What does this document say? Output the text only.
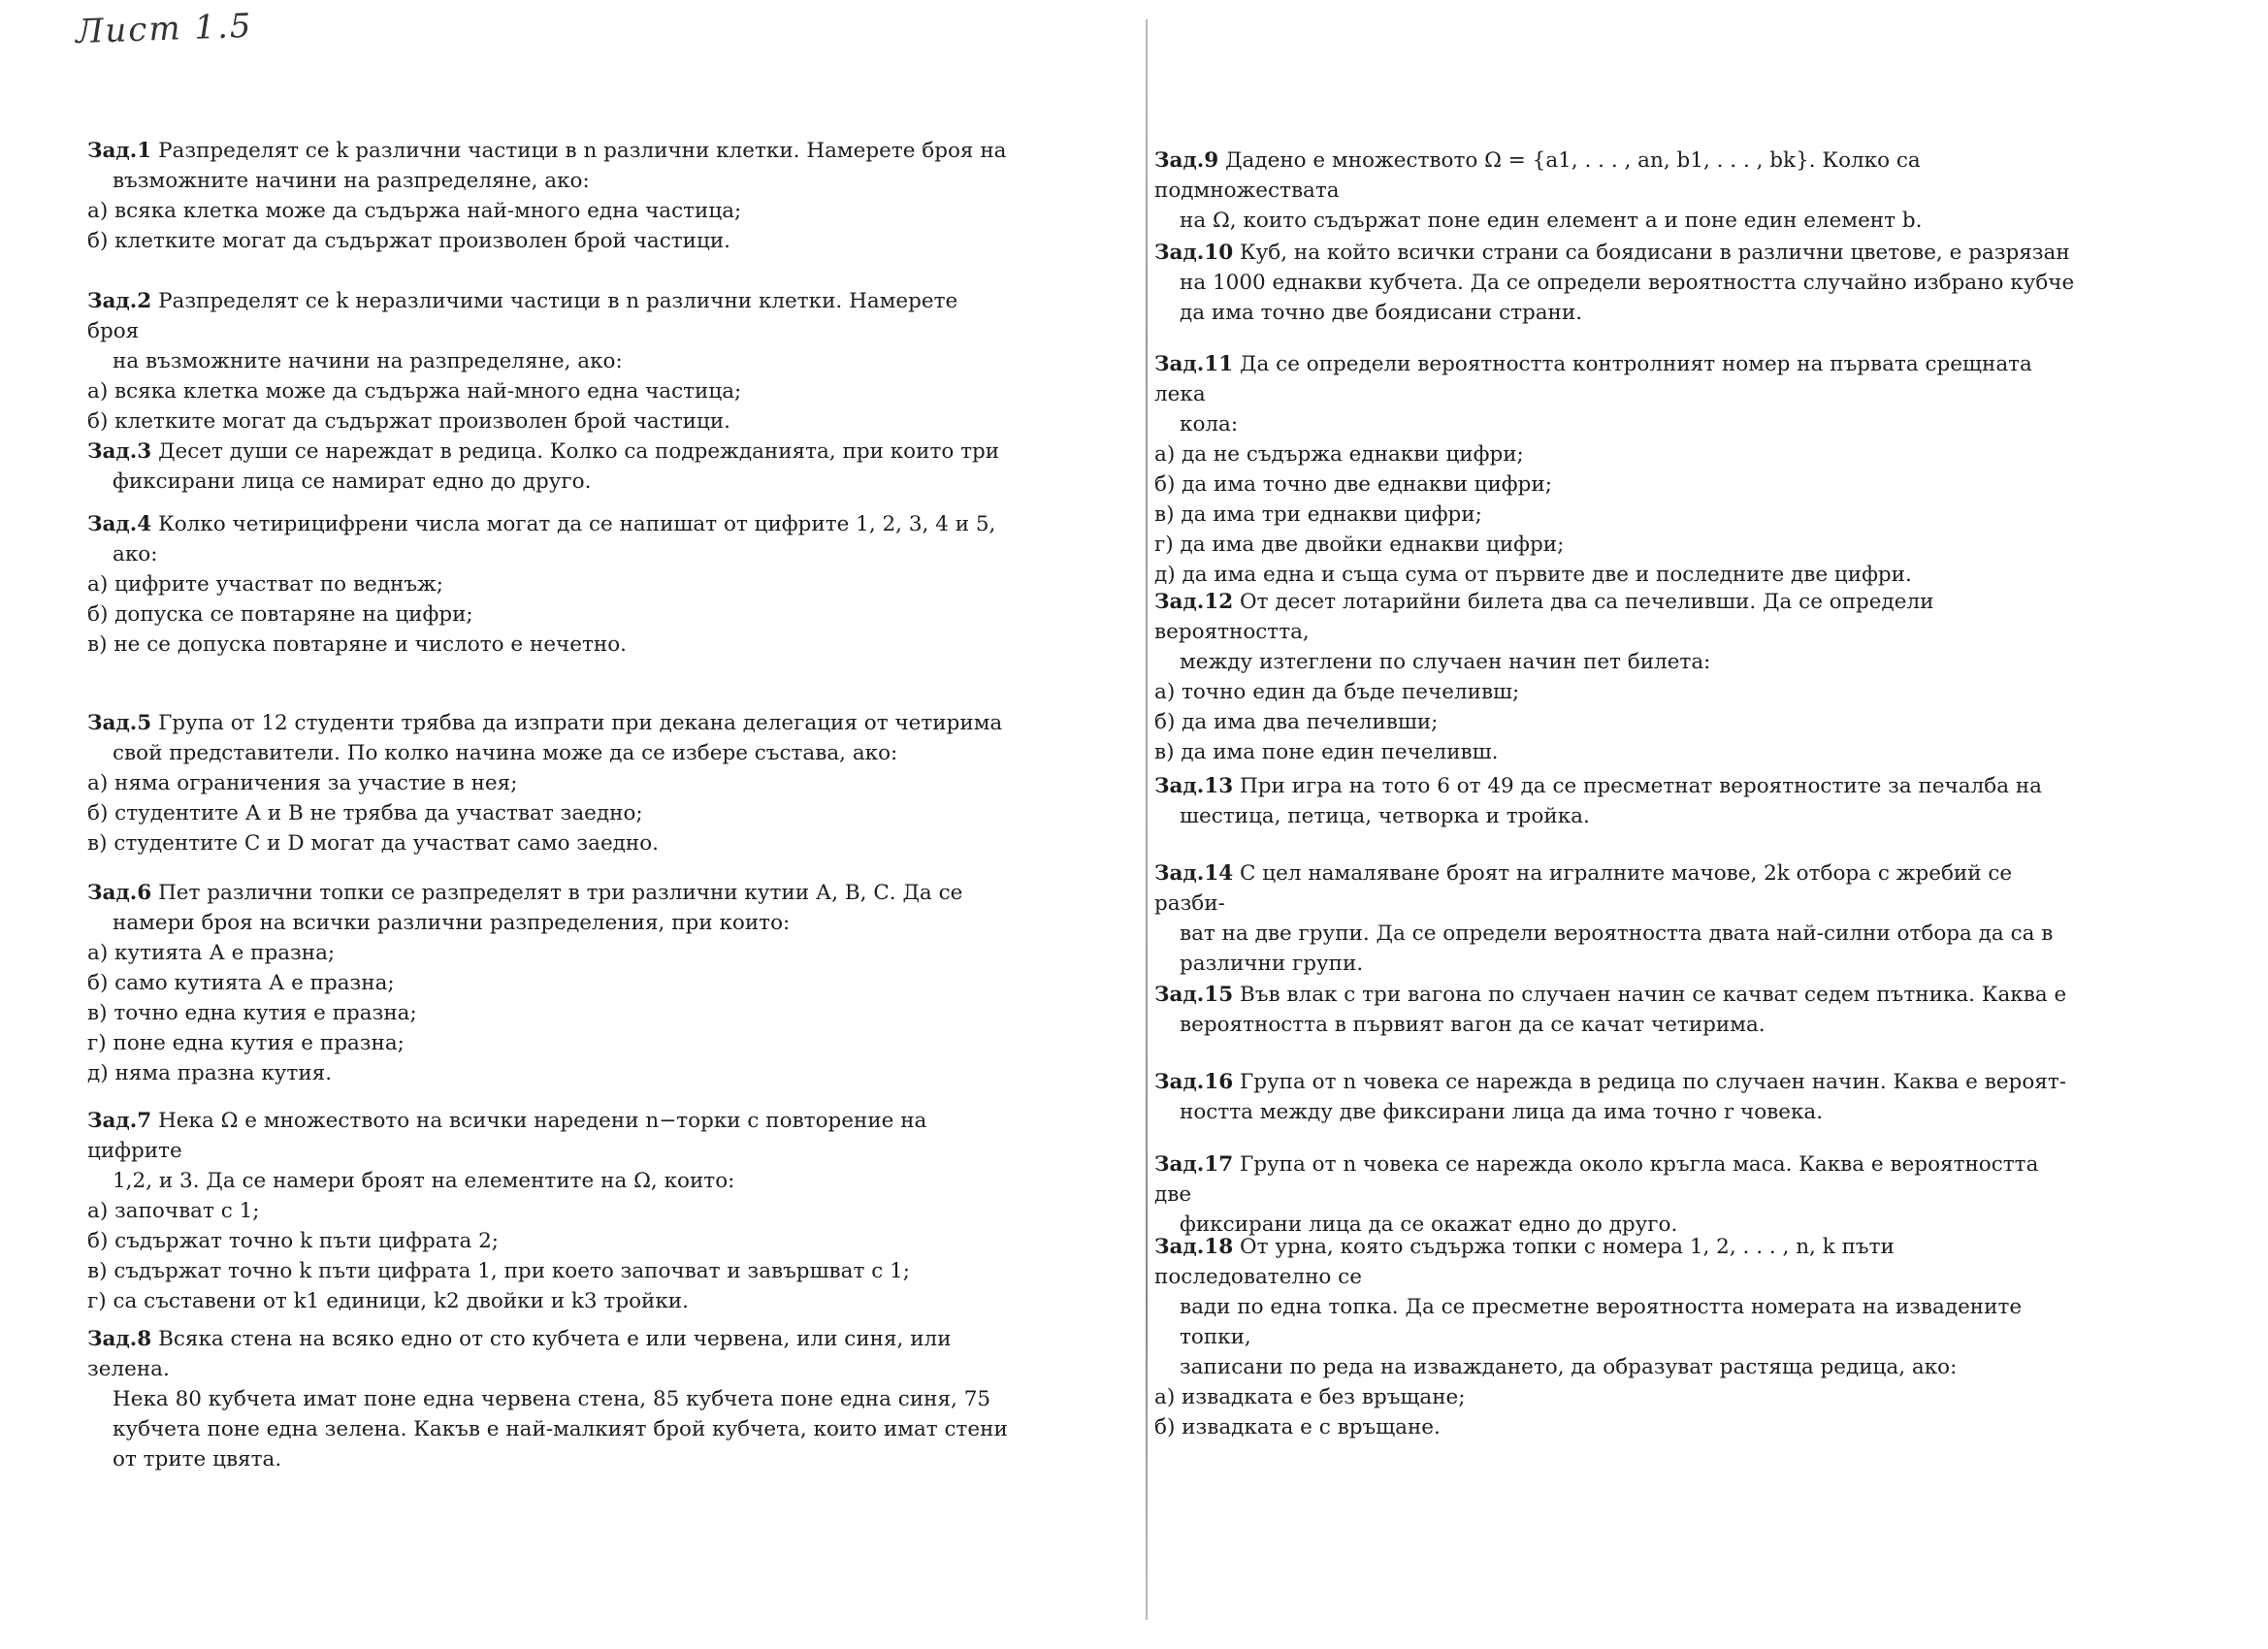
Лист 1.5
Зад.1 Разпределят се k различни частици в n различни клетки. Намерете броя на
възможните начини на разпределяне, ако:
а) всяка клетка може да съдържа най-много една частица;
б) клетките могат да съдържат произволен брой частици.
Зад.2 Разпределят се k неразличими частици в n различни клетки. Намерете броя
на възможните начини на разпределяне, ако:
а) всяка клетка може да съдържа най-много една частица;
б) клетките могат да съдържат произволен брой частици.
Зад.3 Десет души се нареждат в редица. Колко са подрежданията, при които три
фиксирани лица се намират едно до друго.
Зад.4 Колко четирицифрени числа могат да се напишат от цифрите 1, 2, 3, 4 и 5,
ако:
а) цифрите участват по веднъж;
б) допуска се повтаряне на цифри;
в) не се допуска повтаряне и числото е нечетно.
Зад.5 Група от 12 студенти трябва да изпрати при декана делегация от четирима
свой представители. По колко начина може да се избере състава, ако:
а) няма ограничения за участие в нея;
б) студентите А и В не трябва да участват заедно;
в) студентите С и D могат да участват само заедно.
Зад.6 Пет различни топки се разпределят в три различни кутии А, В, С. Да се
намери броя на всички различни разпределения, при които:
а) кутията А е празна;
б) само кутията А е празна;
в) точно една кутия е празна;
г) поне една кутия е празна;
д) няма празна кутия.
Зад.7 Нека Ω е множеството на всички наредени n−торки с повторение на цифрите
1,2, и 3. Да се намери броят на елементите на Ω, които:
а) започват с 1;
б) съдържат точно k пъти цифрата 2;
в) съдържат точно k пъти цифрата 1, при което започват и завършват с 1;
г) са съставени от k1 единици, k2 двойки и k3 тройки.
Зад.8 Всяка стена на всяко едно от сто кубчета е или червена, или синя, или зелена.
Нека 80 кубчета имат поне една червена стена, 85 кубчета поне една синя, 75
кубчета поне една зелена. Какъв е най-малкият брой кубчета, които имат стени
от трите цвята.
Зад.9 Дадено е множеството Ω = {a1, . . . , an, b1, . . . , bk}. Колко са подмножествата
на Ω, които съдържат поне един елемент a и поне един елемент b.
Зад.10 Куб, на който всички страни са боядисани в различни цветове, е разрязан
на 1000 еднакви кубчета. Да се определи вероятността случайно избрано кубче
да има точно две боядисани страни.
Зад.11 Да се определи вероятността контролният номер на първата срещната лека
кола:
а) да не съдържа еднакви цифри;
б) да има точно две еднакви цифри;
в) да има три еднакви цифри;
г) да има две двойки еднакви цифри;
д) да има една и съща сума от първите две и последните две цифри.
Зад.12 От десет лотарийни билета два са печеливши. Да се определи вероятността,
между изтеглени по случаен начин пет билета:
а) точно един да бъде печеливш;
б) да има два печеливши;
в) да има поне един печеливш.
Зад.13 При игра на тото 6 от 49 да се пресметнат вероятностите за печалба на
шестица, петица, четворка и тройка.
Зад.14 С цел намаляване броят на игралните мачове, 2k отбора с жребий се разби-
ват на две групи. Да се определи вероятността двата най-силни отбора да са в
различни групи.
Зад.15 Във влак с три вагона по случаен начин се качват седем пътника. Каква е
вероятността в първият вагон да се качат четирима.
Зад.16 Група от n човека се нарежда в редица по случаен начин. Каква е вероят-
ността между две фиксирани лица да има точно r човека.
Зад.17 Група от n човека се нарежда около кръгла маса. Каква е вероятността две
фиксирани лица да се окажат едно до друго.
Зад.18 От урна, която съдържа топки с номера 1, 2, . . . , n, k пъти последователно се
вади по една топка. Да се пресметне вероятността номерата на извадените топки,
записани по реда на изваждането, да образуват растяща редица, ако:
а) извадката е без връщане;
б) извадката е с връщане.
